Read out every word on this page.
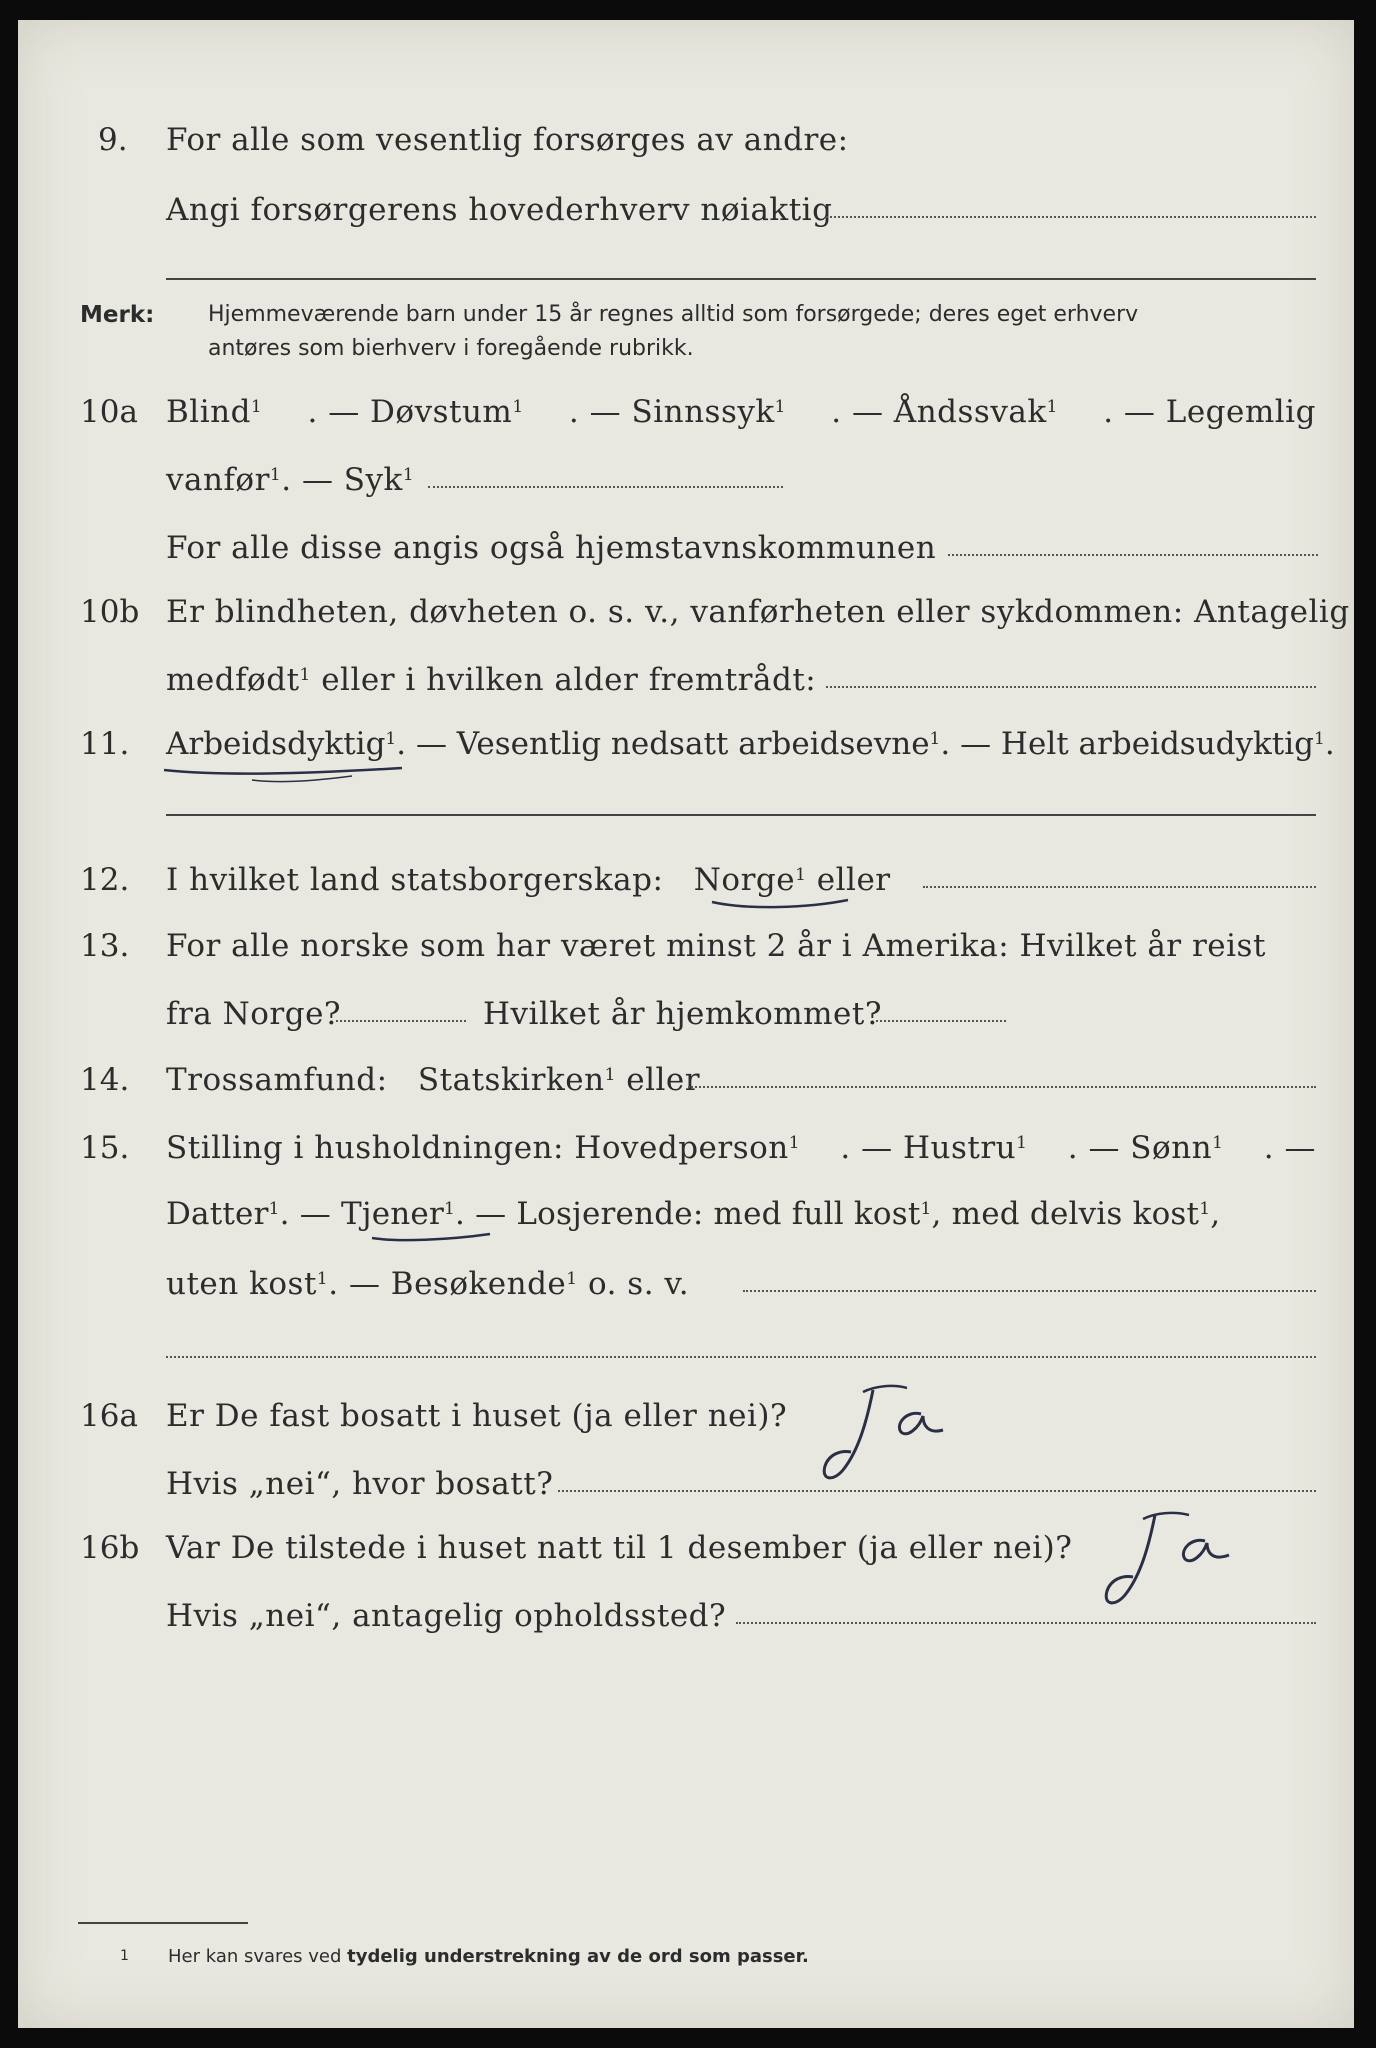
9. For alle som vesentlig forsørges av andre:
Angi forsørgerens hovederhverv nøiaktig
Merk: Hjemmeværende barn under 15 år regnes alltid som forsørgede; deres eget erhverv
antøres som bierhverv i foregående rubrikk.
10a Blind$^1$ . — Døvstum$^1$ . — Sinnssyk$^1$ . — Åndssvak$^1$ . — Legemlig
vanfør$^1$. — Syk$^1$
For alle disse angis også hjemstavnskommunen
10b Er blindheten, døvheten o. s. v., vanførheten eller sykdommen: Antagelig
medfødt$^1$ eller i hvilken alder fremtrådt:
11. Arbeidsdyktig$^1$. — Vesentlig nedsatt arbeidsevne$^1$. — Helt arbeidsudyktig$^1$.
12. I hvilket land statsborgerskap: Norge$^1$ eller
13. For alle norske som har været minst 2 år i Amerika: Hvilket år reist
fra Norge?	Hvilket år hjemkommet?
14. Trossamfund: Statskirken$^1$ eller
15. Stilling i husholdningen: Hovedperson$^1$ . — Hustru$^1$ . — Sønn$^1$ . —
Datter$^1$. — Tjener$^1$. — Losjerende: med full kost$^1$, med delvis kost$^1$,
uten kost$^1$. — Besøkende$^1$ o. s. v.
16a Er De fast bosatt i huset (ja eller nei)?
Hvis „nei“, hvor bosatt?
16b Var De tilstede i huset natt til 1 desember (ja eller nei)?
Hvis „nei“, antagelig opholdssted?
1 Her kan svares ved tydelig understrekning av de ord som passer.
